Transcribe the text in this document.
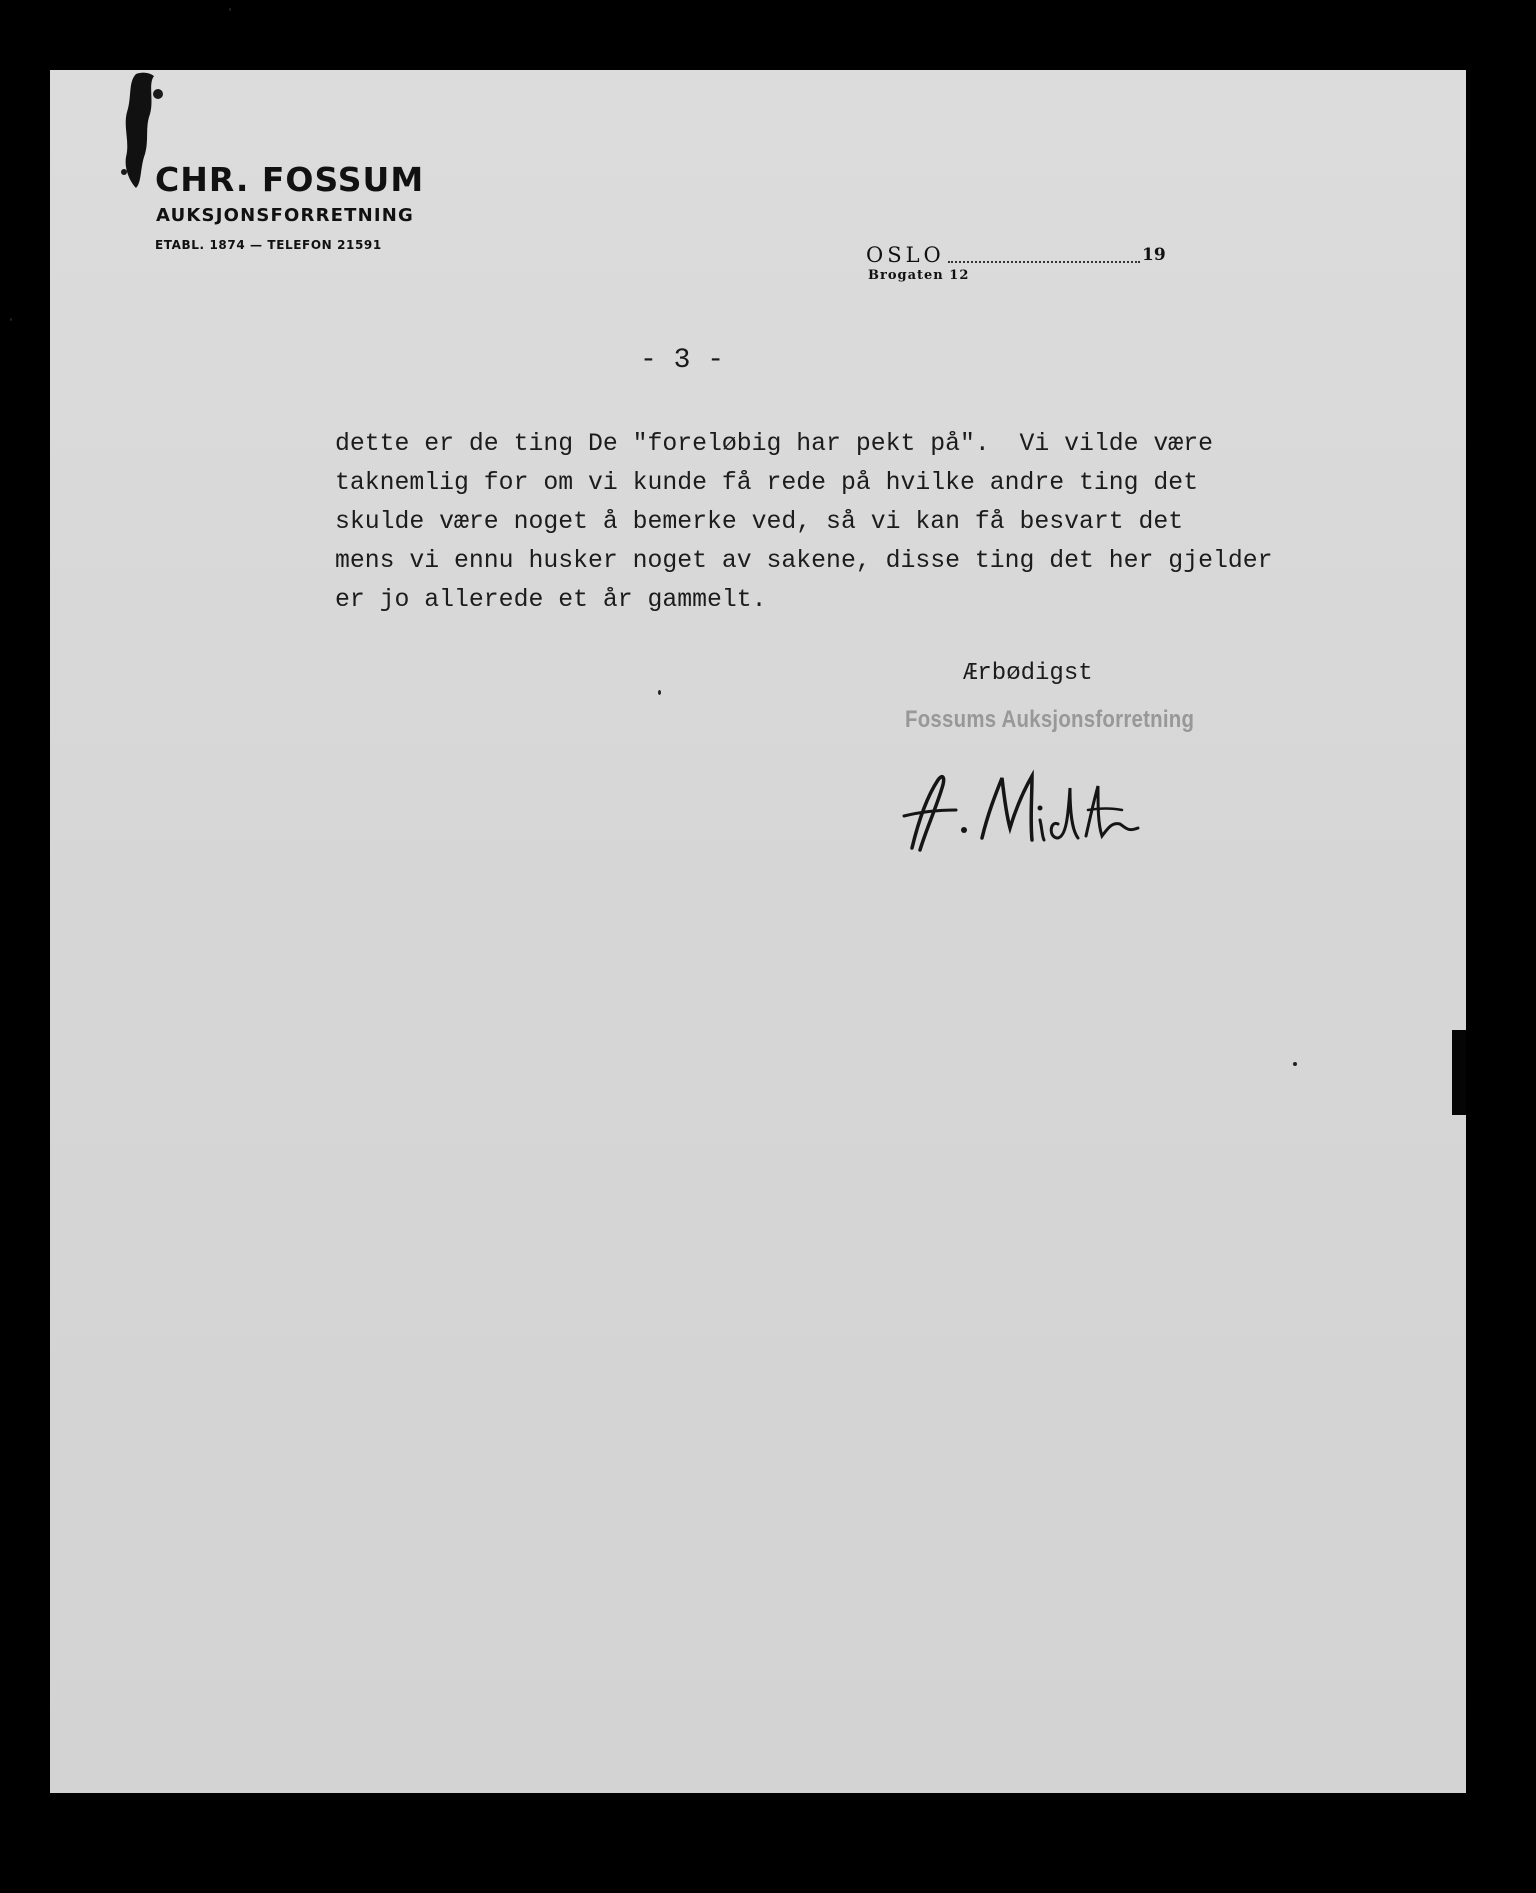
CHR. FOSSUM
AUKSJONSFORRETNING
ETABL. 1874 — TELEFON 21591	OSLO	19
Brogaten 12
- 3 -
dette er de ting De "foreløbig har pekt på".  Vi vilde være
taknemlig for om vi kunde få rede på hvilke andre ting det
skulde være noget å bemerke ved, så vi kan få besvart det
mens vi ennu husker noget av sakene, disse ting det her gjelder
er jo allerede et år gammelt.
Ærbødigst
Fossums Auksjonsforretning
